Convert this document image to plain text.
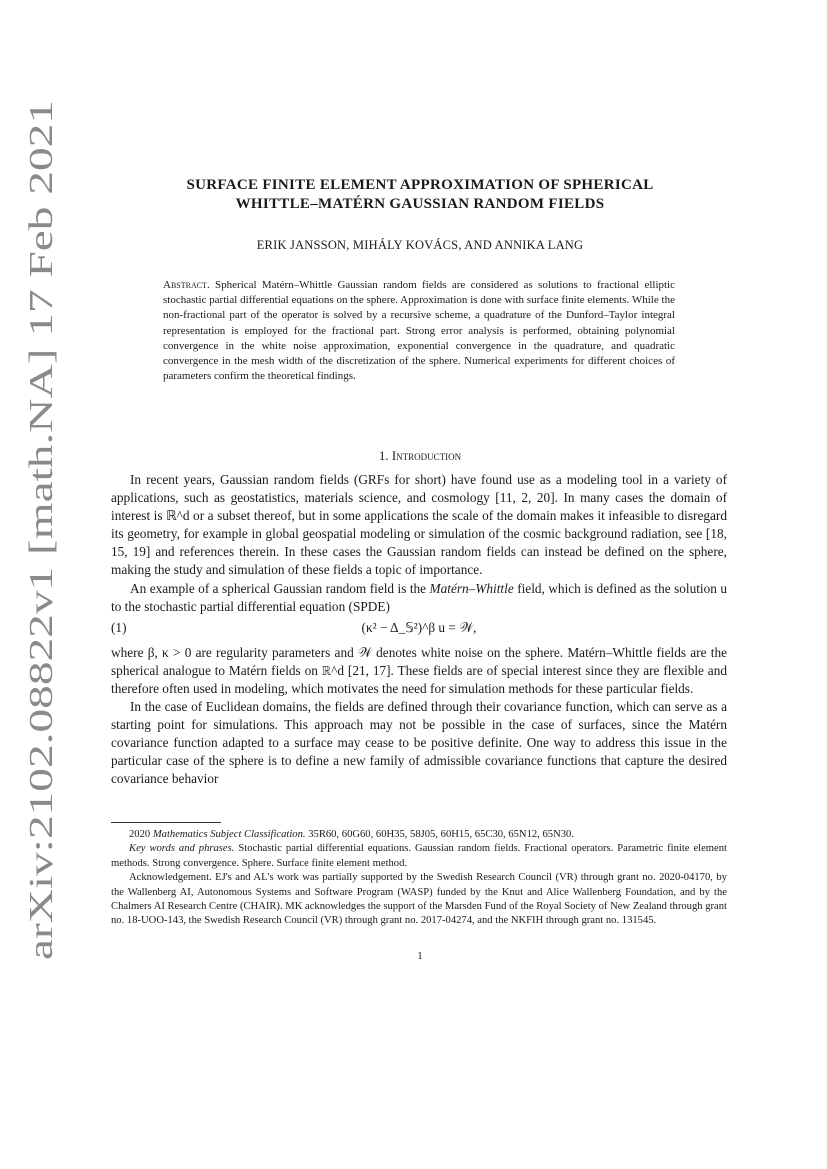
arXiv:2102.08822v1 [math.NA] 17 Feb 2021
SURFACE FINITE ELEMENT APPROXIMATION OF SPHERICAL
WHITTLE–MATÉRN GAUSSIAN RANDOM FIELDS
ERIK JANSSON, MIHÁLY KOVÁCS, AND ANNIKA LANG
Abstract. Spherical Matérn–Whittle Gaussian random fields are considered as solutions to fractional elliptic stochastic partial differential equations on the sphere. Approximation is done with surface finite elements. While the non-fractional part of the operator is solved by a recursive scheme, a quadrature of the Dunford–Taylor integral representation is employed for the fractional part. Strong error analysis is performed, obtaining polynomial convergence in the white noise approximation, exponential convergence in the quadrature, and quadratic convergence in the mesh width of the discretization of the sphere. Numerical experiments for different choices of parameters confirm the theoretical findings.
1. Introduction

In recent years, Gaussian random fields (GRFs for short) have found use as a modeling tool in a variety of applications, such as geostatistics, materials science, and cosmology [11, 2, 20]. In many cases the domain of interest is ℝ^d or a subset thereof, but in some applications the scale of the domain makes it infeasible to disregard its geometry, for example in global geospatial modeling or simulation of the cosmic background radiation, see [18, 15, 19] and references therein. In these cases the Gaussian random fields can instead be defined on the sphere, making the study and simulation of these fields a topic of importance.

An example of a spherical Gaussian random field is the Matérn–Whittle field, which is defined as the solution u to the stochastic partial differential equation (SPDE)

(1)	(κ² − Δ_𝕊²)^β u = 𝒲,

where β, κ > 0 are regularity parameters and 𝒲 denotes white noise on the sphere. Matérn–Whittle fields are the spherical analogue to Matérn fields on ℝ^d [21, 17]. These fields are of special interest since they are flexible and therefore often used in modeling, which motivates the need for simulation methods for these particular fields.

In the case of Euclidean domains, the fields are defined through their covariance function, which can serve as a starting point for simulations. This approach may not be possible in the case of surfaces, since the Matérn covariance function adapted to a surface may cease to be positive definite. One way to address this issue in the particular case of the sphere is to define a new family of admissible covariance functions that capture the desired covariance behavior

2020 Mathematics Subject Classification. 35R60, 60G60, 60H35, 58J05, 60H15, 65C30, 65N12, 65N30.

Key words and phrases. Stochastic partial differential equations. Gaussian random fields. Fractional operators. Parametric finite element methods. Strong convergence. Sphere. Surface finite element method.

Acknowledgement. EJ's and AL's work was partially supported by the Swedish Research Council (VR) through grant no. 2020-04170, by the Wallenberg AI, Autonomous Systems and Software Program (WASP) funded by the Knut and Alice Wallenberg Foundation, and by the Chalmers AI Research Centre (CHAIR). MK acknowledges the support of the Marsden Fund of the Royal Society of New Zealand through grant no. 18-UOO-143, the Swedish Research Council (VR) through grant no. 2017-04274, and the NKFIH through grant no. 131545.

1
